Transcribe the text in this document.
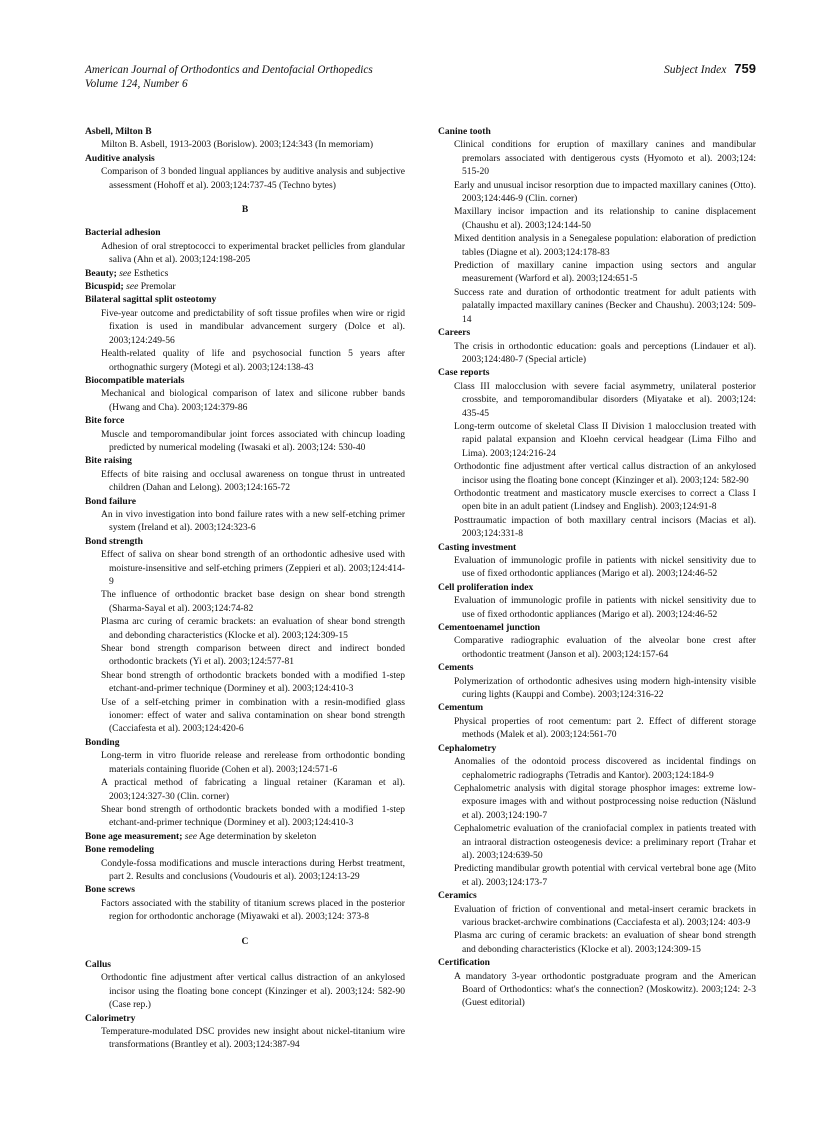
American Journal of Orthodontics and Dentofacial Orthopedics
Volume 124, Number 6
Subject Index 759
Asbell, Milton B
Milton B. Asbell, 1913-2003 (Borislow). 2003;124:343 (In memoriam)
Auditive analysis
Comparison of 3 bonded lingual appliances by auditive analysis and subjective assessment (Hohoff et al). 2003;124:737-45 (Techno bytes)
B
Bacterial adhesion
Adhesion of oral streptococci to experimental bracket pellicles from glandular saliva (Ahn et al). 2003;124:198-205
Beauty; see Esthetics
Bicuspid; see Premolar
Bilateral sagittal split osteotomy
Five-year outcome and predictability of soft tissue profiles when wire or rigid fixation is used in mandibular advancement surgery (Dolce et al). 2003;124:249-56
Health-related quality of life and psychosocial function 5 years after orthognathic surgery (Motegi et al). 2003;124:138-43
Biocompatible materials
Mechanical and biological comparison of latex and silicone rubber bands (Hwang and Cha). 2003;124:379-86
Bite force
Muscle and temporomandibular joint forces associated with chincup loading predicted by numerical modeling (Iwasaki et al). 2003;124: 530-40
Bite raising
Effects of bite raising and occlusal awareness on tongue thrust in untreated children (Dahan and Lelong). 2003;124:165-72
Bond failure
An in vivo investigation into bond failure rates with a new self-etching primer system (Ireland et al). 2003;124:323-6
Bond strength
Effect of saliva on shear bond strength of an orthodontic adhesive used with moisture-insensitive and self-etching primers (Zeppieri et al). 2003;124:414-9
The influence of orthodontic bracket base design on shear bond strength (Sharma-Sayal et al). 2003;124:74-82
Plasma arc curing of ceramic brackets: an evaluation of shear bond strength and debonding characteristics (Klocke et al). 2003;124:309-15
Shear bond strength comparison between direct and indirect bonded orthodontic brackets (Yi et al). 2003;124:577-81
Shear bond strength of orthodontic brackets bonded with a modified 1-step etchant-and-primer technique (Dorminey et al). 2003;124:410-3
Use of a self-etching primer in combination with a resin-modified glass ionomer: effect of water and saliva contamination on shear bond strength (Cacciafesta et al). 2003;124:420-6
Bonding
Long-term in vitro fluoride release and rerelease from orthodontic bonding materials containing fluoride (Cohen et al). 2003;124:571-6
A practical method of fabricating a lingual retainer (Karaman et al). 2003;124:327-30 (Clin. corner)
Shear bond strength of orthodontic brackets bonded with a modified 1-step etchant-and-primer technique (Dorminey et al). 2003;124:410-3
Bone age measurement; see Age determination by skeleton
Bone remodeling
Condyle-fossa modifications and muscle interactions during Herbst treatment, part 2. Results and conclusions (Voudouris et al). 2003;124:13-29
Bone screws
Factors associated with the stability of titanium screws placed in the posterior region for orthodontic anchorage (Miyawaki et al). 2003;124: 373-8
C
Callus
Orthodontic fine adjustment after vertical callus distraction of an ankylosed incisor using the floating bone concept (Kinzinger et al). 2003;124: 582-90 (Case rep.)
Calorimetry
Temperature-modulated DSC provides new insight about nickel-titanium wire transformations (Brantley et al). 2003;124:387-94
Canine tooth
Clinical conditions for eruption of maxillary canines and mandibular premolars associated with dentigerous cysts (Hyomoto et al). 2003;124: 515-20
Early and unusual incisor resorption due to impacted maxillary canines (Otto). 2003;124:446-9 (Clin. corner)
Maxillary incisor impaction and its relationship to canine displacement (Chaushu et al). 2003;124:144-50
Mixed dentition analysis in a Senegalese population: elaboration of prediction tables (Diagne et al). 2003;124:178-83
Prediction of maxillary canine impaction using sectors and angular measurement (Warford et al). 2003;124:651-5
Success rate and duration of orthodontic treatment for adult patients with palatally impacted maxillary canines (Becker and Chaushu). 2003;124: 509-14
Careers
The crisis in orthodontic education: goals and perceptions (Lindauer et al). 2003;124:480-7 (Special article)
Case reports
Class III malocclusion with severe facial asymmetry, unilateral posterior crossbite, and temporomandibular disorders (Miyatake et al). 2003;124: 435-45
Long-term outcome of skeletal Class II Division 1 malocclusion treated with rapid palatal expansion and Kloehn cervical headgear (Lima Filho and Lima). 2003;124:216-24
Orthodontic fine adjustment after vertical callus distraction of an ankylosed incisor using the floating bone concept (Kinzinger et al). 2003;124: 582-90
Orthodontic treatment and masticatory muscle exercises to correct a Class I open bite in an adult patient (Lindsey and English). 2003;124:91-8
Posttraumatic impaction of both maxillary central incisors (Macias et al). 2003;124:331-8
Casting investment
Evaluation of immunologic profile in patients with nickel sensitivity due to use of fixed orthodontic appliances (Marigo et al). 2003;124:46-52
Cell proliferation index
Evaluation of immunologic profile in patients with nickel sensitivity due to use of fixed orthodontic appliances (Marigo et al). 2003;124:46-52
Cementoenamel junction
Comparative radiographic evaluation of the alveolar bone crest after orthodontic treatment (Janson et al). 2003;124:157-64
Cements
Polymerization of orthodontic adhesives using modern high-intensity visible curing lights (Kauppi and Combe). 2003;124:316-22
Cementum
Physical properties of root cementum: part 2. Effect of different storage methods (Malek et al). 2003;124:561-70
Cephalometry
Anomalies of the odontoid process discovered as incidental findings on cephalometric radiographs (Tetradis and Kantor). 2003;124:184-9
Cephalometric analysis with digital storage phosphor images: extreme low-exposure images with and without postprocessing noise reduction (Näslund et al). 2003;124:190-7
Cephalometric evaluation of the craniofacial complex in patients treated with an intraoral distraction osteogenesis device: a preliminary report (Trahar et al). 2003;124:639-50
Predicting mandibular growth potential with cervical vertebral bone age (Mito et al). 2003;124:173-7
Ceramics
Evaluation of friction of conventional and metal-insert ceramic brackets in various bracket-archwire combinations (Cacciafesta et al). 2003;124: 403-9
Plasma arc curing of ceramic brackets: an evaluation of shear bond strength and debonding characteristics (Klocke et al). 2003;124:309-15
Certification
A mandatory 3-year orthodontic postgraduate program and the American Board of Orthodontics: what's the connection? (Moskowitz). 2003;124: 2-3 (Guest editorial)
